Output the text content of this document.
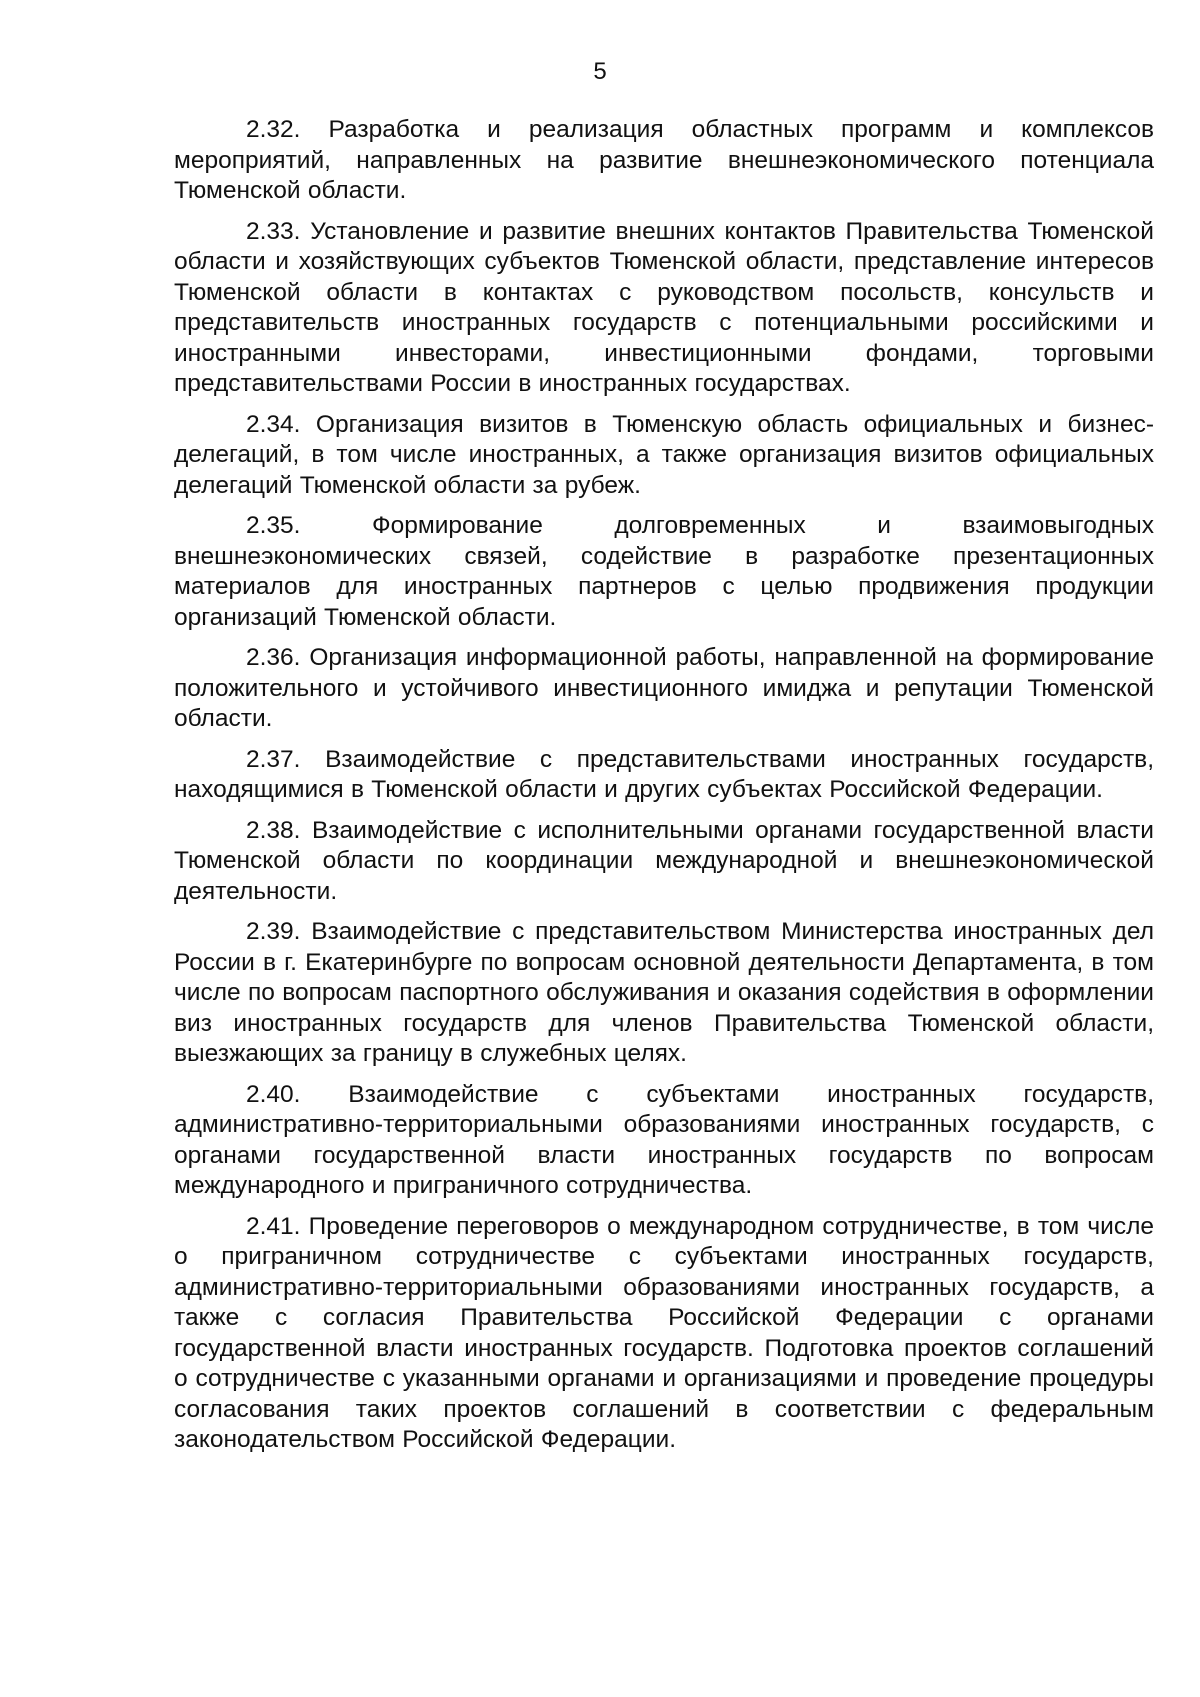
5

2.32. Разработка и реализация областных программ и комплексов мероприятий, направленных на развитие внешнеэкономического потенциала Тюменской области.

2.33. Установление и развитие внешних контактов Правительства Тюменской области и хозяйствующих субъектов Тюменской области, представление интересов Тюменской области в контактах с руководством посольств, консульств и представительств иностранных государств с потенциальными российскими и иностранными инвесторами, инвестиционными фондами, торговыми представительствами России в иностранных государствах.

2.34. Организация визитов в Тюменскую область официальных и бизнес-делегаций, в том числе иностранных, а также организация визитов официальных делегаций Тюменской области за рубеж.

2.35. Формирование долговременных и взаимовыгодных внешнеэкономических связей, содействие в разработке презентационных материалов для иностранных партнеров с целью продвижения продукции организаций Тюменской области.

2.36. Организация информационной работы, направленной на формирование положительного и устойчивого инвестиционного имиджа и репутации Тюменской области.

2.37. Взаимодействие с представительствами иностранных государств, находящимися в Тюменской области и других субъектах Российской Федерации.

2.38. Взаимодействие с исполнительными органами государственной власти Тюменской области по координации международной и внешнеэкономической деятельности.

2.39. Взаимодействие с представительством Министерства иностранных дел России в г. Екатеринбурге по вопросам основной деятельности Департамента, в том числе по вопросам паспортного обслуживания и оказания содействия в оформлении виз иностранных государств для членов Правительства Тюменской области, выезжающих за границу в служебных целях.

2.40. Взаимодействие с субъектами иностранных государств, административно-территориальными образованиями иностранных государств, с органами государственной власти иностранных государств по вопросам международного и приграничного сотрудничества.

2.41. Проведение переговоров о международном сотрудничестве, в том числе о приграничном сотрудничестве с субъектами иностранных государств, административно-территориальными образованиями иностранных государств, а также с согласия Правительства Российской Федерации с органами государственной власти иностранных государств. Подготовка проектов соглашений о сотрудничестве с указанными органами и организациями и проведение процедуры согласования таких проектов соглашений в соответствии с федеральным законодательством Российской Федерации.
